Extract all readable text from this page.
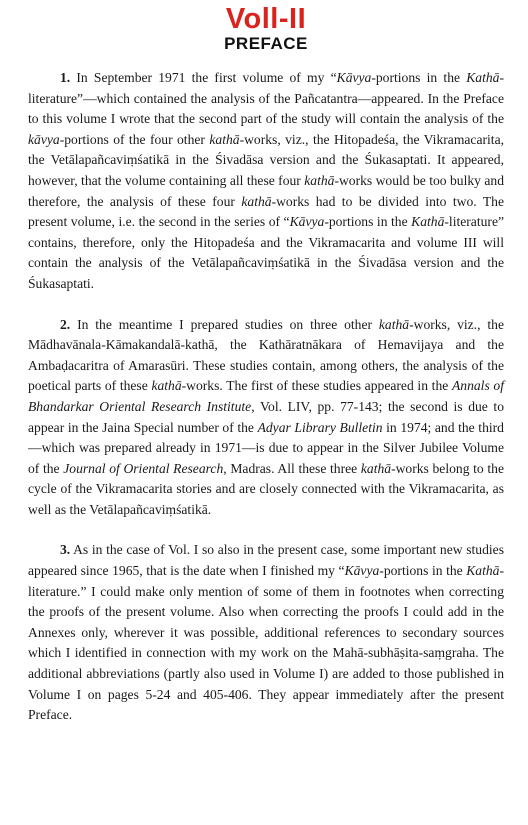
Voll-II
PREFACE

1. In September 1971 the first volume of my “Kāvya-portions in the Kathā-literature”—which contained the analysis of the Pañcatantra—appeared. In the Preface to this volume I wrote that the second part of the study will contain the analysis of the kāvya-portions of the four other kathā-works, viz., the Hitopadeśa, the Vikramacarita, the Vetālapañcaviṃśatikā in the Śivadāsa version and the Śukasaptati. It appeared, however, that the volume containing all these four kathā-works would be too bulky and therefore, the analysis of these four kathā-works had to be divided into two. The present volume, i.e. the second in the series of “Kāvya-portions in the Kathā-literature” contains, therefore, only the Hitopadeśa and the Vikramacarita and volume III will contain the analysis of the Vetālapañcaviṃśatikā in the Śivadāsa version and the Śukasaptati.

2. In the meantime I prepared studies on three other kathā-works, viz., the Mādhavānala-Kāmakandalā-kathā, the Kathāratnākara of Hemavijaya and the Ambaḍacaritra of Amarasūri. These studies contain, among others, the analysis of the poetical parts of these kathā-works. The first of these studies appeared in the Annals of Bhandarkar Oriental Research Institute, Vol. LIV, pp. 77-143; the second is due to appear in the Jaina Special number of the Adyar Library Bulletin in 1974; and the third—which was prepared already in 1971—is due to appear in the Silver Jubilee Volume of the Journal of Oriental Research, Madras. All these three kathā-works belong to the cycle of the Vikramacarita stories and are closely connected with the Vikramacarita, as well as the Vetālapañcaviṃśatikā.

3. As in the case of Vol. I so also in the present case, some important new studies appeared since 1965, that is the date when I finished my “Kāvya-portions in the Kathā-literature.” I could make only mention of some of them in footnotes when correcting the proofs of the present volume. Also when correcting the proofs I could add in the Annexes only, wherever it was possible, additional references to secondary sources which I identified in connection with my work on the Mahā-subhāṣita-saṃgraha. The additional abbreviations (partly also used in Volume I) are added to those published in Volume I on pages 5-24 and 405-406. They appear immediately after the present Preface.
